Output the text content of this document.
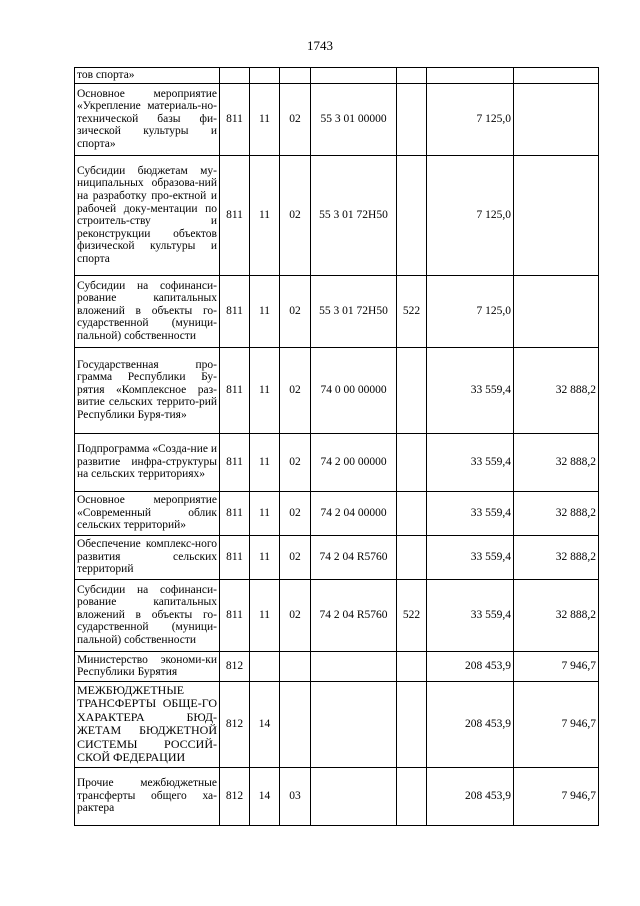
1743
тов спорта»							
Основное мероприятие «Укрепление материаль-но-технической базы фи-зической культуры и спорта»	811	11	02	55 3 01 00000		7 125,0	
Субсидии бюджетам му-ниципальных образова-ний на разработку про-ектной и рабочей доку-ментации по строитель-ству и реконструкции объектов физической культуры и спорта	811	11	02	55 3 01 72Н50		7 125,0	
Субсидии на софинанси-рование капитальных вложений в объекты го-сударственной (муници-пальной) собственности	811	11	02	55 3 01 72Н50	522	7 125,0	
Государственная про-грамма Республики Бу-рятия «Комплексное раз-витие сельских террито-рий Республики Буря-тия»	811	11	02	74 0 00 00000		33 559,4	32 888,2
Подпрограмма «Созда-ние и развитие инфра-структуры на сельских территориях»	811	11	02	74 2 00 00000		33 559,4	32 888,2
Основное мероприятие «Современный облик сельских территорий»	811	11	02	74 2 04 00000		33 559,4	32 888,2
Обеспечение комплекс-ного развития сельских территорий	811	11	02	74 2 04 R5760		33 559,4	32 888,2
Субсидии на софинанси-рование капитальных вложений в объекты го-сударственной (муници-пальной) собственности	811	11	02	74 2 04 R5760	522	33 559,4	32 888,2
Министерство экономи-ки Республики Бурятия	812					208 453,9	7 946,7
МЕЖБЮДЖЕТНЫЕ ТРАНСФЕРТЫ ОБЩЕ-ГО ХАРАКТЕРА БЮД-ЖЕТАМ БЮДЖЕТНОЙ СИСТЕМЫ РОССИЙ-СКОЙ ФЕДЕРАЦИИ	812	14				208 453,9	7 946,7
Прочие межбюджетные трансферты общего ха-рактера	812	14	03			208 453,9	7 946,7
